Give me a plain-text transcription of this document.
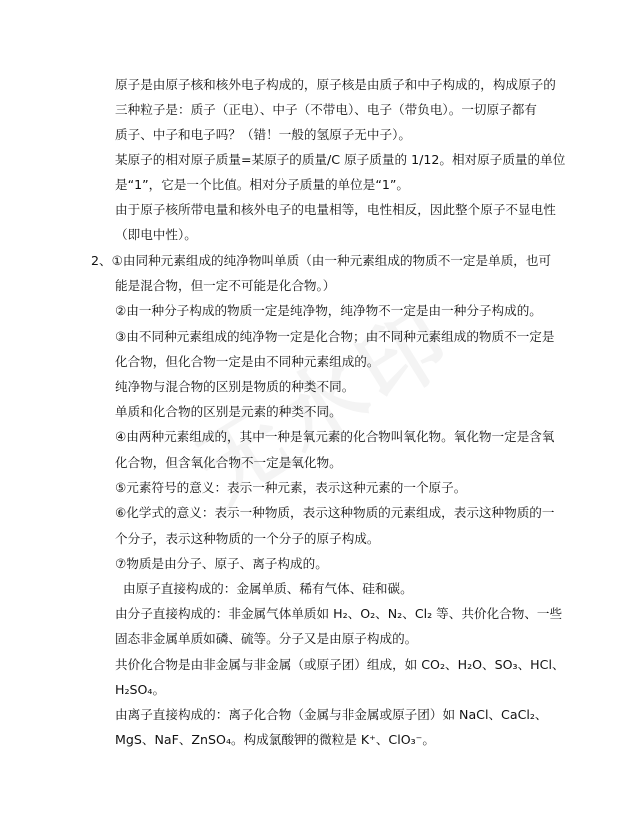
原子是由原子核和核外电子构成的，原子核是由质子和中子构成的，构成原子的
三种粒子是：质子（正电）、中子（不带电）、电子（带负电）。一切原子都有
质子、中子和电子吗？（错！一般的氢原子无中子）。
某原子的相对原子质量=某原子的质量/C 原子质量的 1/12。相对原子质量的单位
是“1”，它是一个比值。相对分子质量的单位是“1”。
由于原子核所带电量和核外电子的电量相等，电性相反，因此整个原子不显电性
（即电中性）。
2、①由同种元素组成的纯净物叫单质（由一种元素组成的物质不一定是单质，也可
能是混合物，但一定不可能是化合物。）
②由一种分子构成的物质一定是纯净物，纯净物不一定是由一种分子构成的。
③由不同种元素组成的纯净物一定是化合物；由不同种元素组成的物质不一定是
化合物，但化合物一定是由不同种元素组成的。
纯净物与混合物的区别是物质的种类不同。
单质和化合物的区别是元素的种类不同。
④由两种元素组成的，其中一种是氧元素的化合物叫氧化物。氧化物一定是含氧
化合物，但含氧化合物不一定是氧化物。
⑤元素符号的意义：表示一种元素，表示这种元素的一个原子。
⑥化学式的意义：表示一种物质，表示这种物质的元素组成，表示这种物质的一
个分子，表示这种物质的一个分子的原子构成。
⑦物质是由分子、原子、离子构成的。
由原子直接构成的：金属单质、稀有气体、硅和碳。
由分子直接构成的：非金属气体单质如 H₂、O₂、N₂、Cl₂ 等、共价化合物、一些
固态非金属单质如磷、硫等。分子又是由原子构成的。
共价化合物是由非金属与非金属（或原子团）组成，如 CO₂、H₂O、SO₃、HCl、
H₂SO₄。
由离子直接构成的：离子化合物（金属与非金属或原子团）如 NaCl、CaCl₂、
MgS、NaF、ZnSO₄。构成氯酸钾的微粒是 K⁺、ClO₃⁻。
